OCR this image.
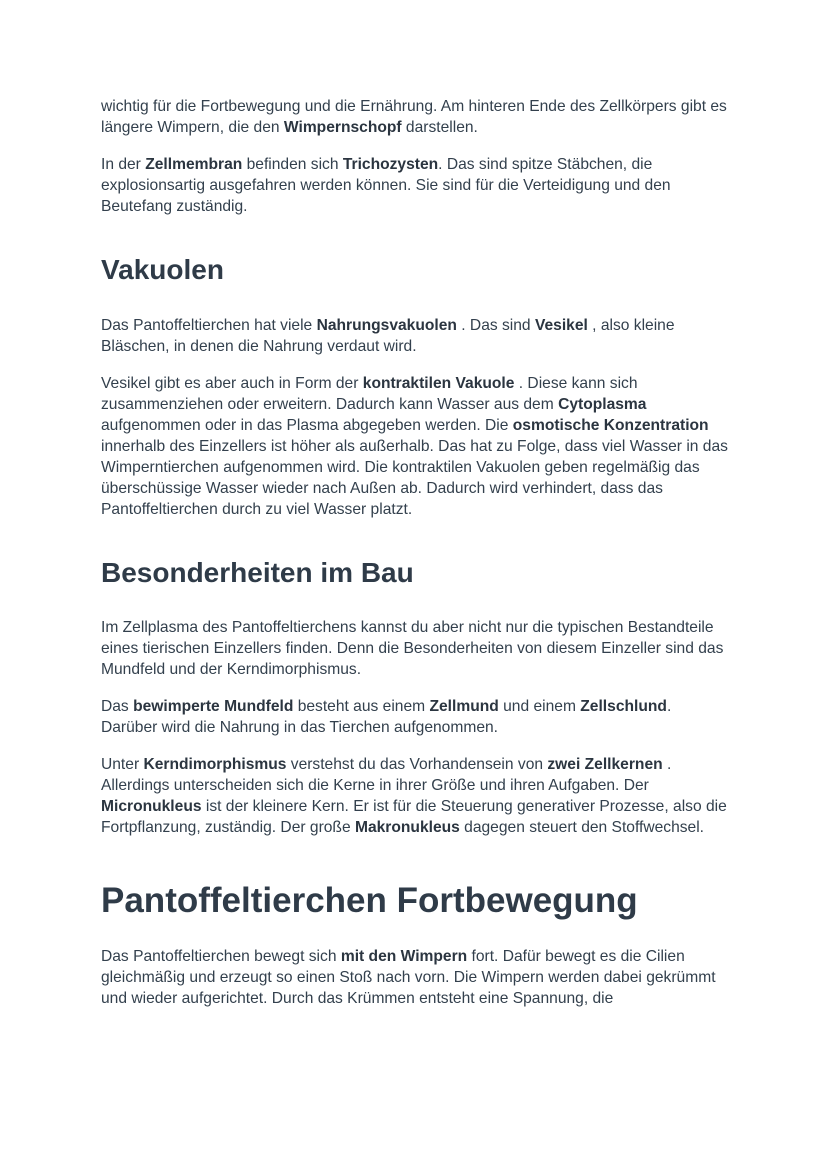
wichtig für die Fortbewegung und die Ernährung. Am hinteren Ende des Zellkörpers gibt es längere Wimpern, die den Wimpernschopf darstellen.

In der Zellmembran befinden sich Trichozysten. Das sind spitze Stäbchen, die explosionsartig ausgefahren werden können. Sie sind für die Verteidigung und den Beutefang zuständig.

Vakuolen

Das Pantoffeltierchen hat viele Nahrungsvakuolen . Das sind Vesikel , also kleine Bläschen, in denen die Nahrung verdaut wird.

Vesikel gibt es aber auch in Form der kontraktilen Vakuole . Diese kann sich zusammenziehen oder erweitern. Dadurch kann Wasser aus dem Cytoplasma aufgenommen oder in das Plasma abgegeben werden. Die osmotische Konzentration innerhalb des Einzellers ist höher als außerhalb. Das hat zu Folge, dass viel Wasser in das Wimperntierchen aufgenommen wird. Die kontraktilen Vakuolen geben regelmäßig das überschüssige Wasser wieder nach Außen ab. Dadurch wird verhindert, dass das Pantoffeltierchen durch zu viel Wasser platzt.

Besonderheiten im Bau

Im Zellplasma des Pantoffeltierchens kannst du aber nicht nur die typischen Bestandteile eines tierischen Einzellers finden. Denn die Besonderheiten von diesem Einzeller sind das Mundfeld und der Kerndimorphismus.

Das bewimperte Mundfeld besteht aus einem Zellmund und einem Zellschlund. Darüber wird die Nahrung in das Tierchen aufgenommen.

Unter Kerndimorphismus verstehst du das Vorhandensein von zwei Zellkernen . Allerdings unterscheiden sich die Kerne in ihrer Größe und ihren Aufgaben. Der Micronukleus ist der kleinere Kern. Er ist für die Steuerung generativer Prozesse, also die Fortpflanzung, zuständig. Der große Makronukleus dagegen steuert den Stoffwechsel.

Pantoffeltierchen Fortbewegung

Das Pantoffeltierchen bewegt sich mit den Wimpern fort. Dafür bewegt es die Cilien gleichmäßig und erzeugt so einen Stoß nach vorn. Die Wimpern werden dabei gekrümmt und wieder aufgerichtet. Durch das Krümmen entsteht eine Spannung, die
